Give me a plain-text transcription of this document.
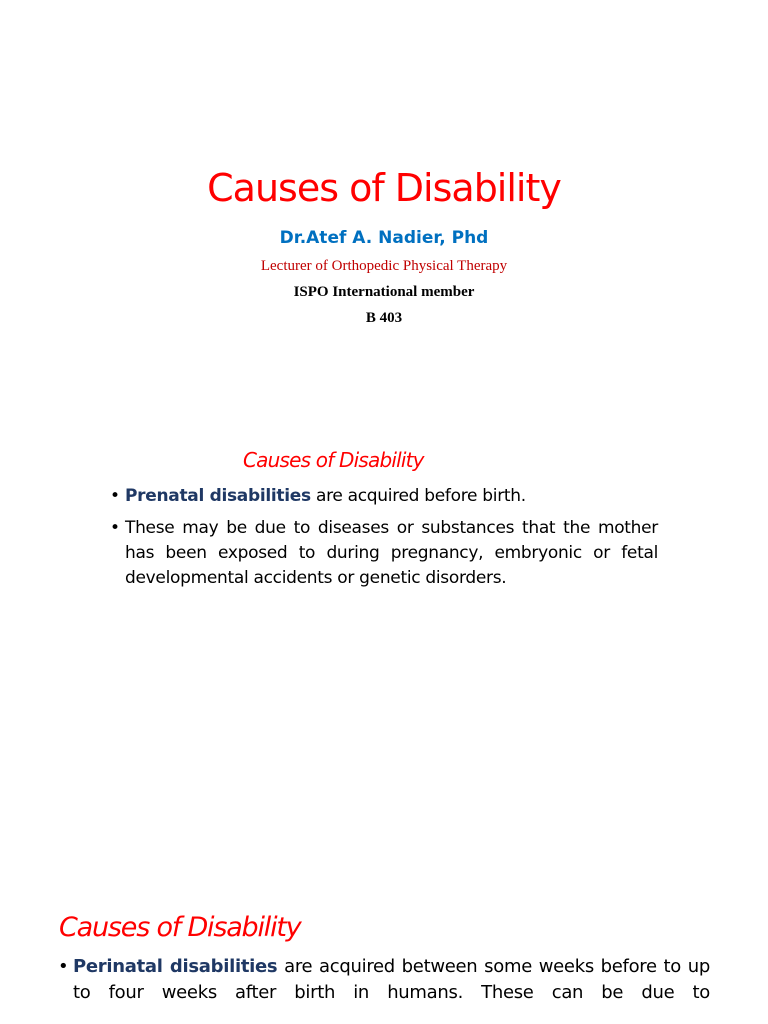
Causes of Disability
Dr.Atef A. Nadier, Phd
Lecturer of Orthopedic Physical Therapy
ISPO International member
B 403
Causes of Disability
• Prenatal disabilities are acquired before birth.
• These may be due to diseases or substances that the mother has been exposed to during pregnancy, embryonic or fetal developmental accidents or genetic disorders.
Causes of Disability
• Perinatal disabilities are acquired between some weeks before to up to four weeks after birth in humans. These can be due to
